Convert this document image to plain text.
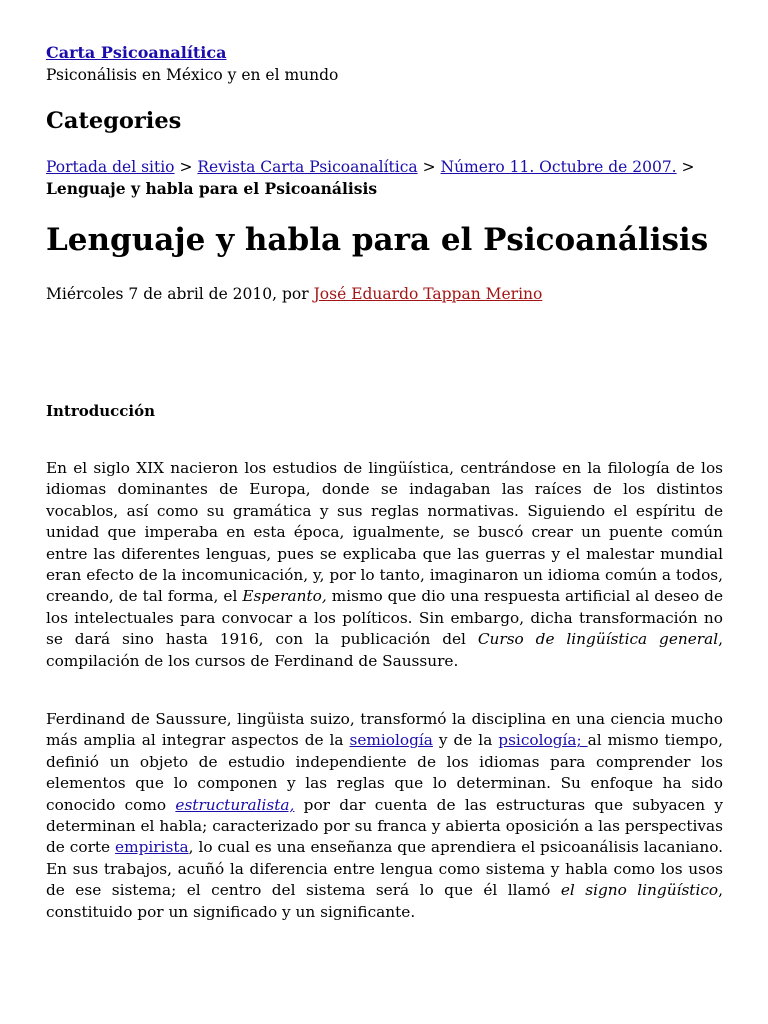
Carta Psicoanalítica
Psiconálisis en México y en el mundo
Categories
Portada del sitio > Revista Carta Psicoanalítica > Número 11. Octubre de 2007. >
Lenguaje y habla para el Psicoanálisis
Lenguaje y habla para el Psicoanálisis
Miércoles 7 de abril de 2010, por José Eduardo Tappan Merino
Introducción

En el siglo XIX nacieron los estudios de lingüística, centrándose en la filología de los idiomas dominantes de Europa, donde se indagaban las raíces de los distintos vocablos, así como su gramática y sus reglas normativas. Siguiendo el espíritu de unidad que imperaba en esta época, igualmente, se buscó crear un puente común entre las diferentes lenguas, pues se explicaba que las guerras y el malestar mundial eran efecto de la incomunicación, y, por lo tanto, imaginaron un idioma común a todos, creando, de tal forma, el Esperanto, mismo que dio una respuesta artificial al deseo de los intelectuales para convocar a los políticos. Sin embargo, dicha transformación no se dará sino hasta 1916, con la publicación del Curso de lingüística general, compilación de los cursos de Ferdinand de Saussure.

Ferdinand de Saussure, lingüista suizo, transformó la disciplina en una ciencia mucho más amplia al integrar aspectos de la semiología y de la psicología; al mismo tiempo, definió un objeto de estudio independiente de los idiomas para comprender los elementos que lo componen y las reglas que lo determinan. Su enfoque ha sido conocido como estructuralista, por dar cuenta de las estructuras que subyacen y determinan el habla; caracterizado por su franca y abierta oposición a las perspectivas de corte empirista, lo cual es una enseñanza que aprendiera el psicoanálisis lacaniano. En sus trabajos, acuñó la diferencia entre lengua como sistema y habla como los usos de ese sistema; el centro del sistema será lo que él llamó el signo lingüístico, constituido por un significado y un significante.
